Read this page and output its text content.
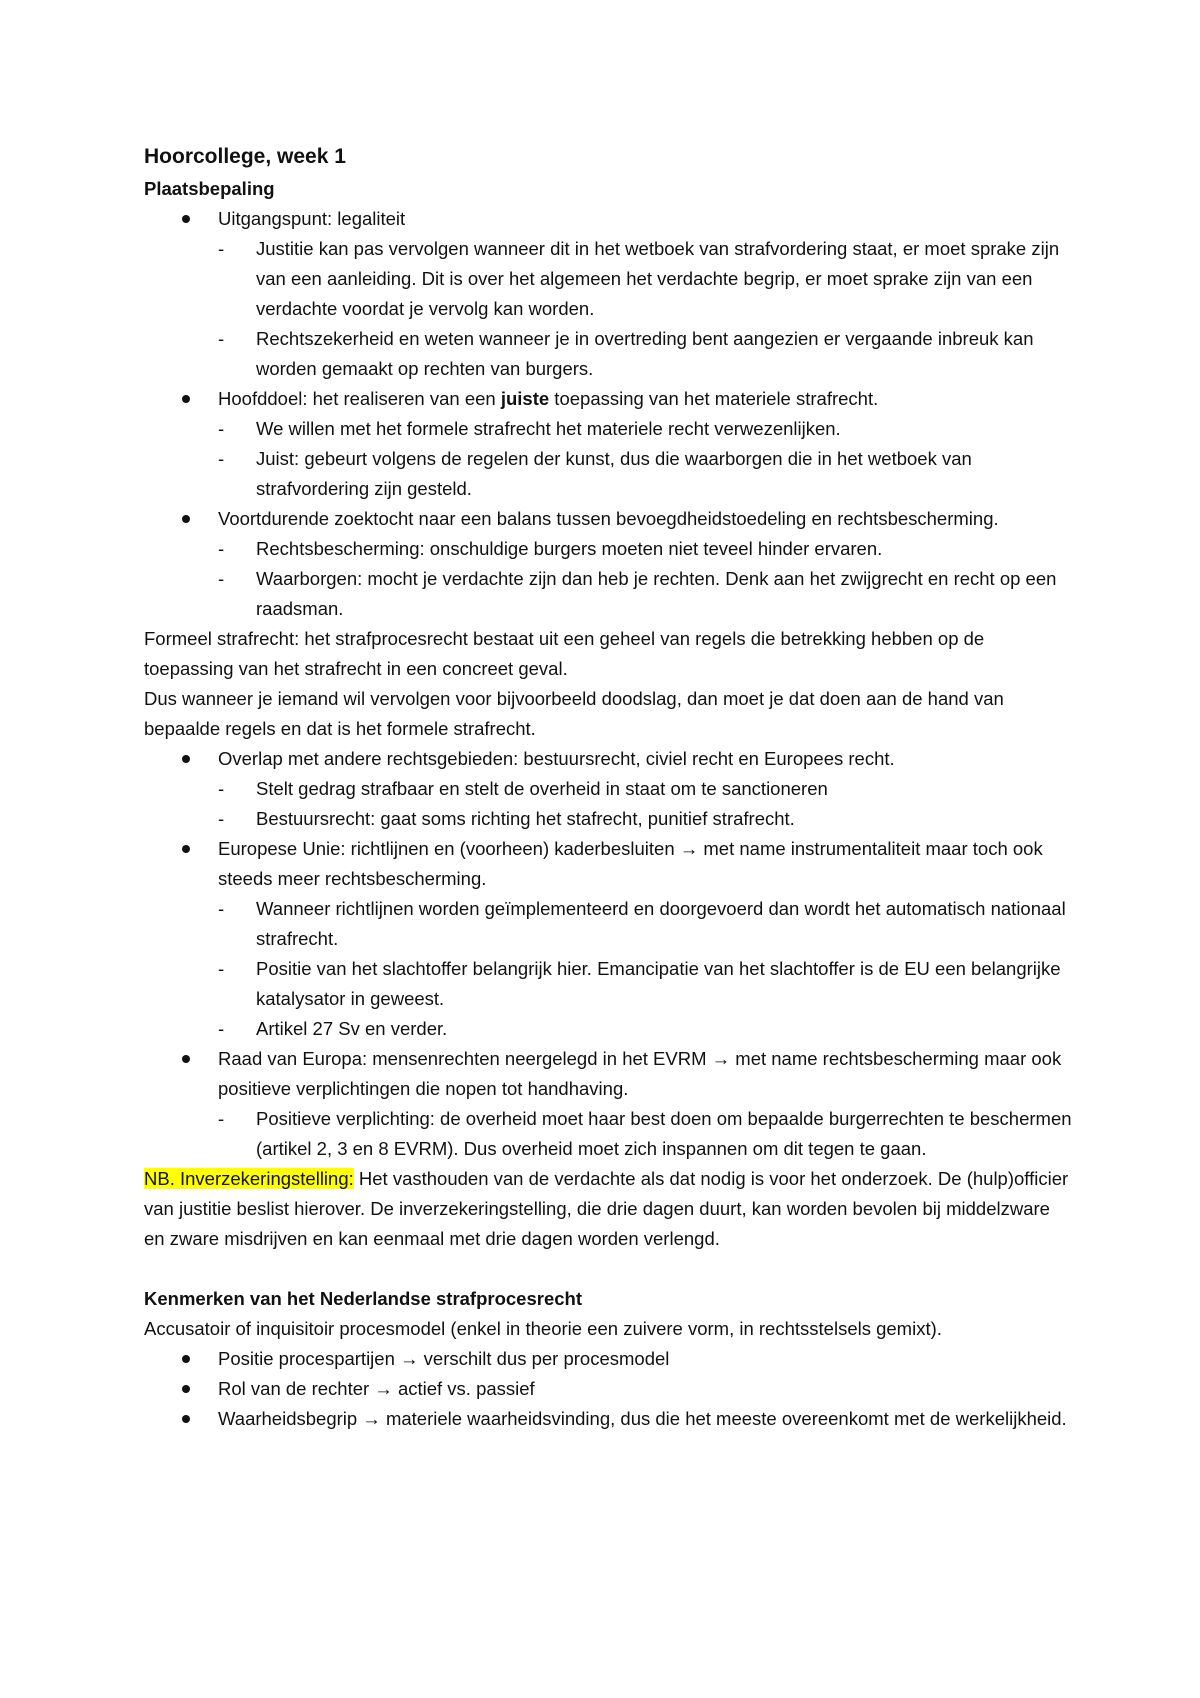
Hoorcollege, week 1
Plaatsbepaling
Uitgangspunt: legaliteit
- Justitie kan pas vervolgen wanneer dit in het wetboek van strafvordering staat, er moet sprake zijn van een aanleiding. Dit is over het algemeen het verdachte begrip, er moet sprake zijn van een verdachte voordat je vervolg kan worden.
- Rechtszekerheid en weten wanneer je in overtreding bent aangezien er vergaande inbreuk kan worden gemaakt op rechten van burgers.
Hoofddoel: het realiseren van een juiste toepassing van het materiele strafrecht.
- We willen met het formele strafrecht het materiele recht verwezenlijken.
- Juist: gebeurt volgens de regelen der kunst, dus die waarborgen die in het wetboek van strafvordering zijn gesteld.
Voortdurende zoektocht naar een balans tussen bevoegdheidstoedeling en rechtsbescherming.
- Rechtsbescherming: onschuldige burgers moeten niet teveel hinder ervaren.
- Waarborgen: mocht je verdachte zijn dan heb je rechten. Denk aan het zwijgrecht en recht op een raadsman.

Formeel strafrecht: het strafprocesrecht bestaat uit een geheel van regels die betrekking hebben op de toepassing van het strafrecht in een concreet geval.

Dus wanneer je iemand wil vervolgen voor bijvoorbeeld doodslag, dan moet je dat doen aan de hand van bepaalde regels en dat is het formele strafrecht.

Overlap met andere rechtsgebieden: bestuursrecht, civiel recht en Europees recht.
- Stelt gedrag strafbaar en stelt de overheid in staat om te sanctioneren
- Bestuursrecht: gaat soms richting het stafrecht, punitief strafrecht.
Europese Unie: richtlijnen en (voorheen) kaderbesluiten → met name instrumentaliteit maar toch ook steeds meer rechtsbescherming.
- Wanneer richtlijnen worden geïmplementeerd en doorgevoerd dan wordt het automatisch nationaal strafrecht.
- Positie van het slachtoffer belangrijk hier. Emancipatie van het slachtoffer is de EU een belangrijke katalysator in geweest.
- Artikel 27 Sv en verder.
Raad van Europa: mensenrechten neergelegd in het EVRM → met name rechtsbescherming maar ook positieve verplichtingen die nopen tot handhaving.
- Positieve verplichting: de overheid moet haar best doen om bepaalde burgerrechten te beschermen (artikel 2, 3 en 8 EVRM). Dus overheid moet zich inspannen om dit tegen te gaan.

NB. Inverzekeringstelling: Het vasthouden van de verdachte als dat nodig is voor het onderzoek. De (hulp)officier van justitie beslist hierover. De inverzekeringstelling, die drie dagen duurt, kan worden bevolen bij middelzware en zware misdrijven en kan eenmaal met drie dagen worden verlengd.

Kenmerken van het Nederlandse strafprocesrecht

Accusatoir of inquisitoir procesmodel (enkel in theorie een zuivere vorm, in rechtsstelsels gemixt).

Positie procespartijen → verschilt dus per procesmodel
Rol van de rechter → actief vs. passief
Waarheidsbegrip → materiele waarheidsvinding, dus die het meeste overeenkomt met de werkelijkheid.
